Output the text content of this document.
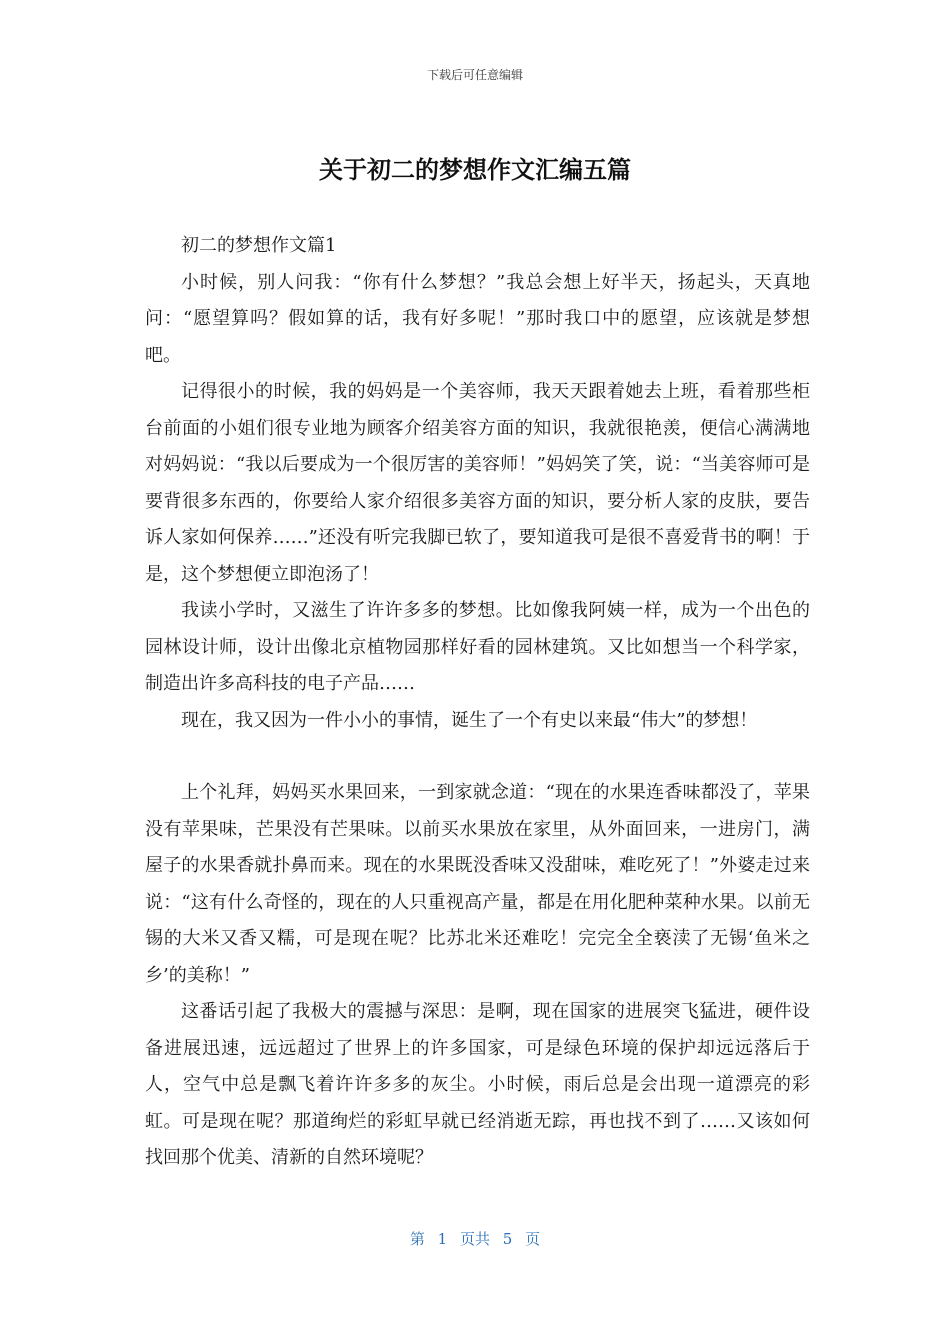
下载后可任意编辑
关于初二的梦想作文汇编五篇

初二的梦想作文篇1

小时候，别人问我：“你有什么梦想？”我总会想上好半天，扬起头，天真地问：“愿望算吗？假如算的话，我有好多呢！”那时我口中的愿望，应该就是梦想吧。

记得很小的时候，我的妈妈是一个美容师，我天天跟着她去上班，看着那些柜台前面的小姐们很专业地为顾客介绍美容方面的知识，我就很艳羡，便信心满满地对妈妈说：“我以后要成为一个很厉害的美容师！”妈妈笑了笑，说：“当美容师可是要背很多东西的，你要给人家介绍很多美容方面的知识，要分析人家的皮肤，要告诉人家如何保养……”还没有听完我脚已软了，要知道我可是很不喜爱背书的啊！于是，这个梦想便立即泡汤了！

我读小学时，又滋生了许许多多的梦想。比如像我阿姨一样，成为一个出色的园林设计师，设计出像北京植物园那样好看的园林建筑。又比如想当一个科学家，制造出许多高科技的电子产品……

现在，我又因为一件小小的事情，诞生了一个有史以来最“伟大”的梦想！

上个礼拜，妈妈买水果回来，一到家就念道：“现在的水果连香味都没了，苹果没有苹果味，芒果没有芒果味。以前买水果放在家里，从外面回来，一进房门，满屋子的水果香就扑鼻而来。现在的水果既没香味又没甜味，难吃死了！”外婆走过来说：“这有什么奇怪的，现在的人只重视高产量，都是在用化肥种菜种水果。以前无锡的大米又香又糯，可是现在呢？比苏北米还难吃！完完全全亵渎了无锡‘鱼米之乡’的美称！”

这番话引起了我极大的震撼与深思：是啊，现在国家的进展突飞猛进，硬件设备进展迅速，远远超过了世界上的许多国家，可是绿色环境的保护却远远落后于人，空气中总是飘飞着许许多多的灰尘。小时候，雨后总是会出现一道漂亮的彩虹。可是现在呢？那道绚烂的彩虹早就已经消逝无踪，再也找不到了……又该如何找回那个优美、清新的自然环境呢？

第 1 页共 5 页
